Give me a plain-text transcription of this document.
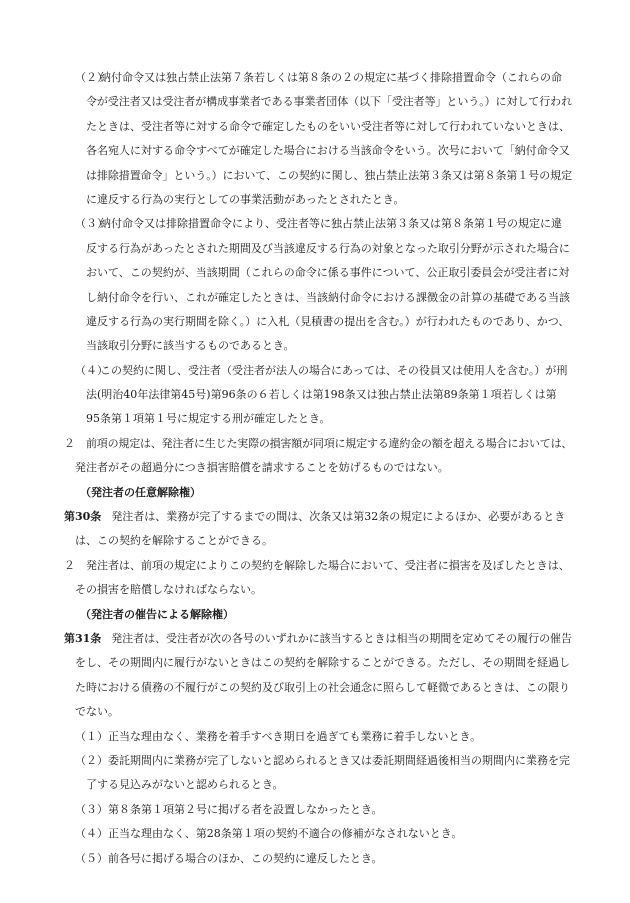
（２）
納付命令又は独占禁止法第７条若しくは第８条の２の規定に基づく排除措置命令（これらの命
令が受注者又は受注者が構成事業者である事業者団体（以下「受注者等」という。）に対して行われ
たときは、受注者等に対する命令で確定したものをいい受注者等に対して行われていないときは、
各名宛人に対する命令すべてが確定した場合における当該命令をいう。次号において「納付命令又
は排除措置命令」という。）において、この契約に関し、独占禁止法第３条又は第８条第１号の規定
に違反する行為の実行としての事業活動があったとされたとき。
（３）
納付命令又は排除措置命令により、受注者等に独占禁止法第３条又は第８条第１号の規定に違
反する行為があったとされた期間及び当該違反する行為の対象となった取引分野が示された場合に
おいて、この契約が、当該期間（これらの命令に係る事件について、公正取引委員会が受注者に対
し納付命令を行い、これが確定したときは、当該納付命令における課徴金の計算の基礎である当該
違反する行為の実行期間を除く。）に入札（見積書の提出を含む。）が行われたものであり、かつ、
当該取引分野に該当するものであるとき。
（４）
この契約に関し、受注者（受注者が法人の場合にあっては、その役員又は使用人を含む。）が刑
法(明治40年法律第45号)第96条の６若しくは第198条又は独占禁止法第89条第１項若しくは第
95条第１項第１号に規定する刑が確定したとき。
２ 前項の規定は、発注者に生じた実際の損害額が同項に規定する違約金の額を超える場合においては、
発注者がその超過分につき損害賠償を請求することを妨げるものではない。
（発注者の任意解除権）
第30条 発注者は、業務が完了するまでの間は、次条又は第32条の規定によるほか、必要があるとき
は、この契約を解除することができる。
２ 発注者は、前項の規定によりこの契約を解除した場合において、受注者に損害を及ぼしたときは、
その損害を賠償しなければならない。
（発注者の催告による解除権）
第31条 発注者は、受注者が次の各号のいずれかに該当するときは相当の期間を定めてその履行の催告
をし、その期間内に履行がないときはこの契約を解除することができる。ただし、その期間を経過し
た時における債務の不履行がこの契約及び取引上の社会通念に照らして軽微であるときは、この限り
でない。
（１） 正当な理由なく、業務を着手すべき期日を過ぎても業務に着手しないとき。
（２） 委託期間内に業務が完了しないと認められるとき又は委託期間経過後相当の期間内に業務を完
了する見込みがないと認められるとき。
（３） 第８条第１項第２号に掲げる者を設置しなかったとき。
（４） 正当な理由なく、第28条第１項の契約不適合の修補がなされないとき。
（５） 前各号に掲げる場合のほか、この契約に違反したとき。
